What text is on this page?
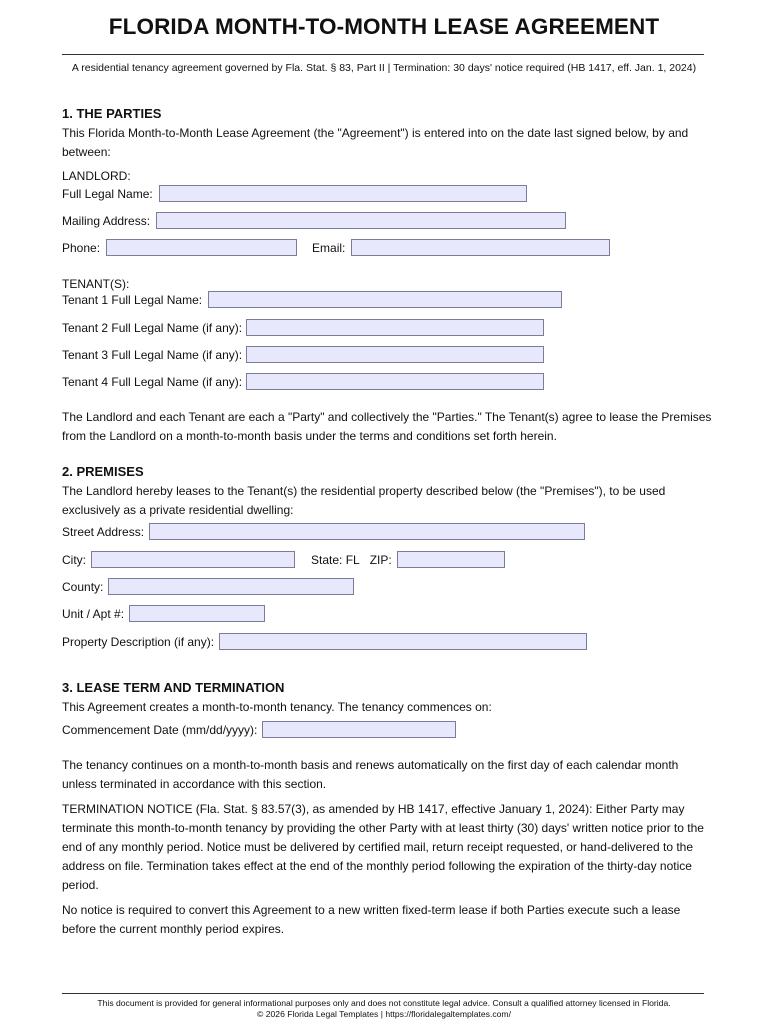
FLORIDA MONTH-TO-MONTH LEASE AGREEMENT
A residential tenancy agreement governed by Fla. Stat. § 83, Part II | Termination: 30 days' notice required (HB 1417, eff. Jan. 1, 2024)

1. THE PARTIES

This Florida Month-to-Month Lease Agreement (the "Agreement") is entered into on the date last signed below, by and between:

LANDLORD:
Full Legal Name:
Mailing Address:
Phone:	Email:
TENANT(S):
Tenant 1 Full Legal Name:
Tenant 2 Full Legal Name (if any):
Tenant 3 Full Legal Name (if any):
Tenant 4 Full Legal Name (if any):

The Landlord and each Tenant are each a "Party" and collectively the "Parties." The Tenant(s) agree to lease the Premises from the Landlord on a month-to-month basis under the terms and conditions set forth herein.

2. PREMISES

The Landlord hereby leases to the Tenant(s) the residential property described below (the "Premises"), to be used exclusively as a private residential dwelling:

Street Address:
City:	State: FL ZIP:
County:
Unit / Apt #:
Property Description (if any):

3. LEASE TERM AND TERMINATION

This Agreement creates a month-to-month tenancy. The tenancy commences on:

Commencement Date (mm/dd/yyyy):

The tenancy continues on a month-to-month basis and renews automatically on the first day of each calendar month unless terminated in accordance with this section.

TERMINATION NOTICE (Fla. Stat. § 83.57(3), as amended by HB 1417, effective January 1, 2024): Either Party may terminate this month-to-month tenancy by providing the other Party with at least thirty (30) days' written notice prior to the end of any monthly period. Notice must be delivered by certified mail, return receipt requested, or hand-delivered to the address on file. Termination takes effect at the end of the monthly period following the expiration of the thirty-day notice period.

No notice is required to convert this Agreement to a new written fixed-term lease if both Parties execute such a lease before the current monthly period expires.

This document is provided for general informational purposes only and does not constitute legal advice. Consult a qualified attorney licensed in Florida.
© 2026 Florida Legal Templates | https://floridalegaltemplates.com/
